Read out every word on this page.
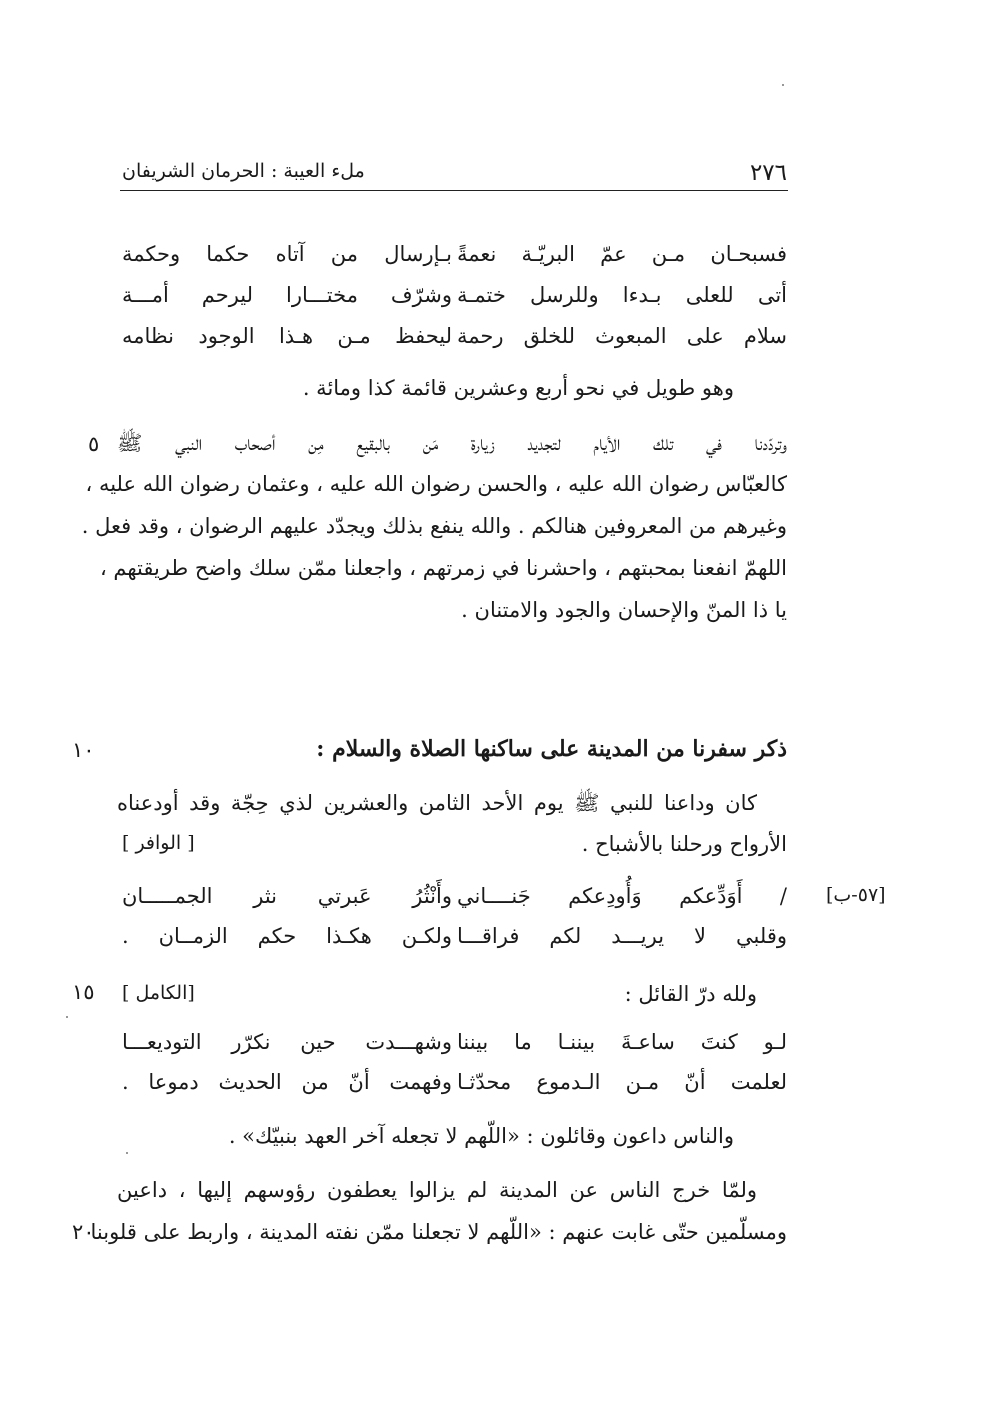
٢٧٦
ملء العيبة : الحرمان الشريفان
فسبحـان مـن عمّ البريّـة نعمةً
بـإرسال من آتاه حكما وحكمة
أتى للعلى بـدءا وللرسل ختمـة
وشرّف مختـــارا ليرحم أمـــة
سلام على المبعوث للخلق رحمة
ليحفظ مـن هـذا الوجود نظامه
وهو طويل في نحو أربع وعشرين قائمة كذا ومائة .
وتردّدنا في تلك الأيام لتجديد زيارة مَن بالبقيع مِن أصحاب النبي ﷺ
كالعبّاس رضوان الله عليه ، والحسن رضوان الله عليه ، وعثمان رضوان الله عليه ،
وغيرهم من المعروفين هنالكم . والله ينفع بذلك ويجدّد عليهم الرضوان ، وقد فعل .
اللهمّ انفعنا بمحبتهم ، واحشرنا في زمرتهم ، واجعلنا ممّن سلك واضح طريقتهم ،
يا ذا المنّ والإحسان والجود والامتنان .
٥
ذكر سفرنا من المدينة على ساكنها الصلاة والسلام :
١٠
كان وداعنا للنبي ﷺ يوم الأحد الثامن والعشرين لذي حِجّة وقد أودعناه
الأرواح ورحلنا بالأشباح .
[ الوافر ]
[٥٧-ب]
/ أَوَدِّعكم وَأُودِعكم جَنــــاني
وأَنْثُرُ عَبرتي نثر الجمـــــان
وقلبي لا يريـــد لكم فراقـــا
ولكـن هكـذا حكم الزمــان .
ولله درّ القائل :
[الكامل ]
١٥
لـو كنتَ ساعـةَ بيننـا ما بيننا
وشهـــدت حين نكرّر التوديعـــا
لعلمت أنّ مـن الـدموع محدّثـا
وفهمت أنّ من الحديث دموعا .
والناس داعون وقائلون : «اللّهم لا تجعله آخر العهد بنبيّك» .
ولمّا خرج الناس عن المدينة لم يزالوا يعطفون رؤوسهم إليها ، داعين
ومسلّمين حتّى غابت عنهم : «اللّهم لا تجعلنا ممّن نفته المدينة ، واربط على قلوبنا
٢٠
